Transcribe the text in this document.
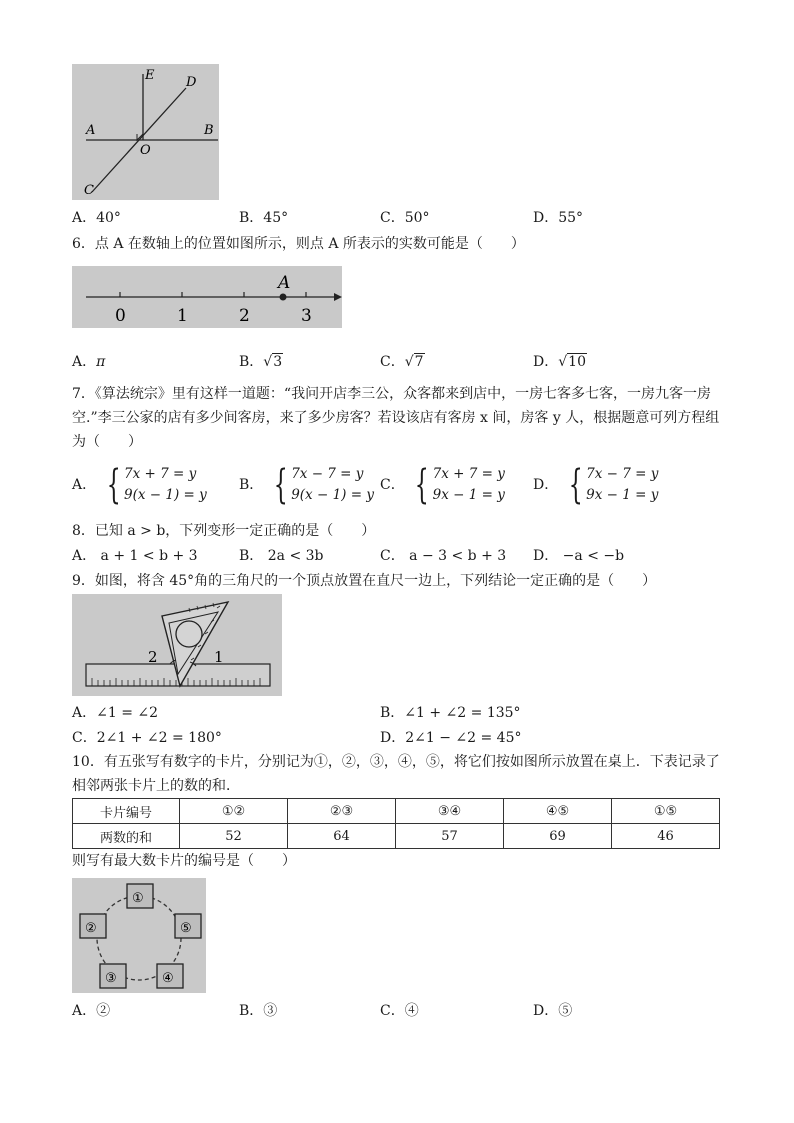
E D
A	B
O
C
A．40°	B．45°	C．50°	D．55°
6．点 A 在数轴上的位置如图所示，则点 A 所表示的实数可能是（　　）
A
0	1	2	3
A．π	B．√3	C．√7	D．√10
7．《算法统宗》里有这样一道题：“我问开店李三公，众客都来到店中，一房七客多七客，一房九客一房
空.”李三公家的店有多少间客房，来了多少房客？若设该店有客房 x 间，房客 y 人，根据题意可列方程组
为（　　）
A． { 7x + 7 = y
9(x − 1) = y
B． { 7x − 7 = y
9(x − 1) = y
C． { 7x + 7 = y
9x − 1 = y
D． { 7x − 7 = y
9x − 1 = y
8．已知 a > b，下列变形一定正确的是（　　）
A． a + 1 < b + 3	B． 2a < 3b	C． a − 3 < b + 3 D． −a < −b
9．如图，将含 45°角的三角尺的一个顶点放置在直尺一边上，下列结论一定正确的是（　　）
2	1
A．∠1 = ∠2	B．∠1 + ∠2 = 135°
C．2∠1 + ∠2 = 180°	D．2∠1 − ∠2 = 45°
10．有五张写有数字的卡片，分别记为①，②，③，④，⑤，将它们按如图所示放置在桌上．下表记录了
相邻两张卡片上的数的和．
卡片编号	①②	②③	③④	④⑤	①⑤
两数的和	52	64	57	69	46
则写有最大数卡片的编号是（　　）
①
②	⑤
③	④
A．②	B．③	C．④	D．⑤
